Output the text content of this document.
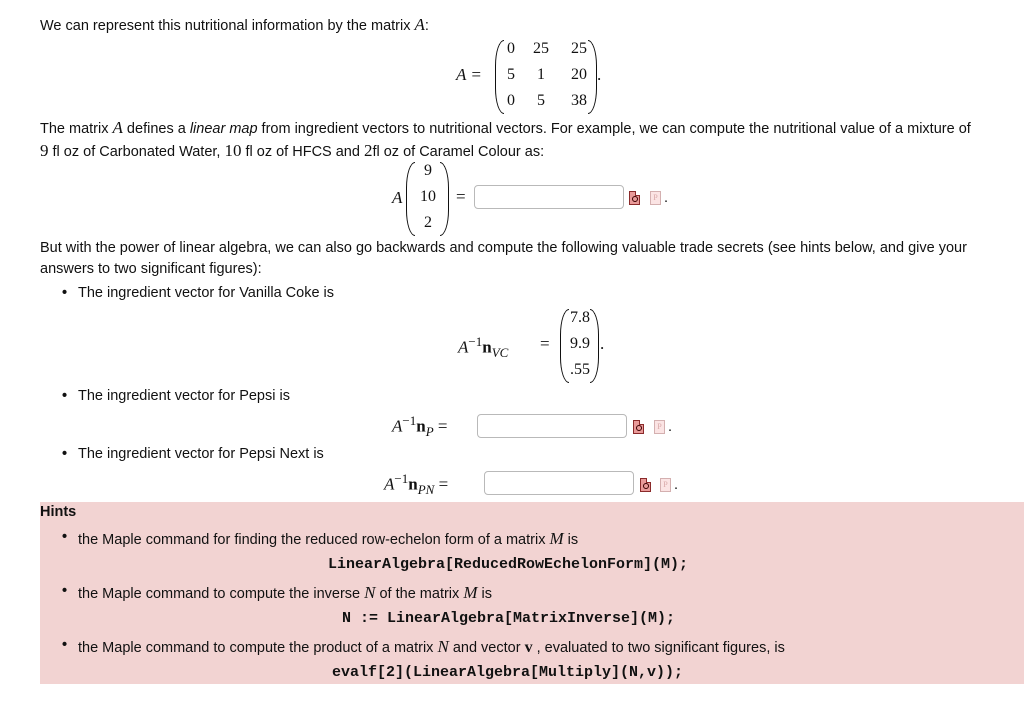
We can represent this nutritional information by the matrix A:
A =
0 25 25
5	1	20
0	5	38
.
The matrix A defines a linear map from ingredient vectors to nutritional vectors. For example, we can compute the nutritional value of a mixture of
9 fl oz of Carbonated Water, 10 fl oz of HFCS and 2fl oz of Caramel Colour as:
A
9
10
2
=	P .
But with the power of linear algebra, we can also go backwards and compute the following valuable trade secrets (see hints below, and give your
answers to two significant figures):
• The ingredient vector for Vanilla Coke is
$A^{-1}n_{VC}$ =
7.8
9.9
.55
.
• The ingredient vector for Pepsi is
$A^{-1}n_P$ =	P .
• The ingredient vector for Pepsi Next is
$A^{-1}n_{PN}$ =	P .
Hints
• the Maple command for finding the reduced row-echelon form of a matrix M is
LinearAlgebra[ReducedRowEchelonForm](M);
• the Maple command to compute the inverse N of the matrix M is
N := LinearAlgebra[MatrixInverse](M);
• the Maple command to compute the product of a matrix N and vector v , evaluated to two significant figures, is
evalf[2](LinearAlgebra[Multiply](N,v));
